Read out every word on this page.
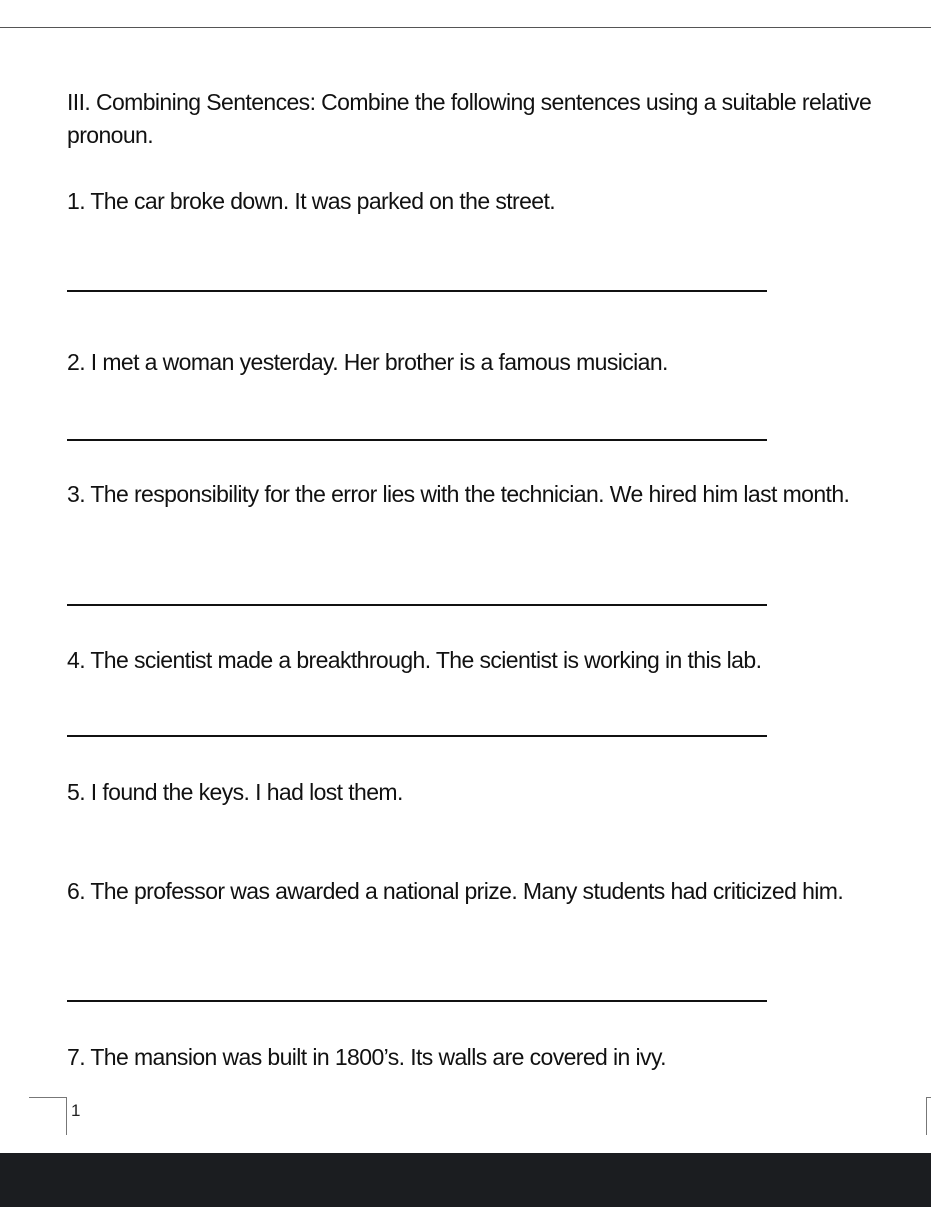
III. Combining Sentences: Combine the following sentences using a suitable relative pronoun.
1. The car broke down. It was parked on the street.
2. I met a woman yesterday. Her brother is a famous musician.
3. The responsibility for the error lies with the technician. We hired him last month.
4. The scientist made a breakthrough. The scientist is working in this lab.
5. I found the keys. I had lost them.
6. The professor was awarded a national prize. Many students had criticized him.
7. The mansion was built in 1800’s. Its walls are covered in ivy.
1
